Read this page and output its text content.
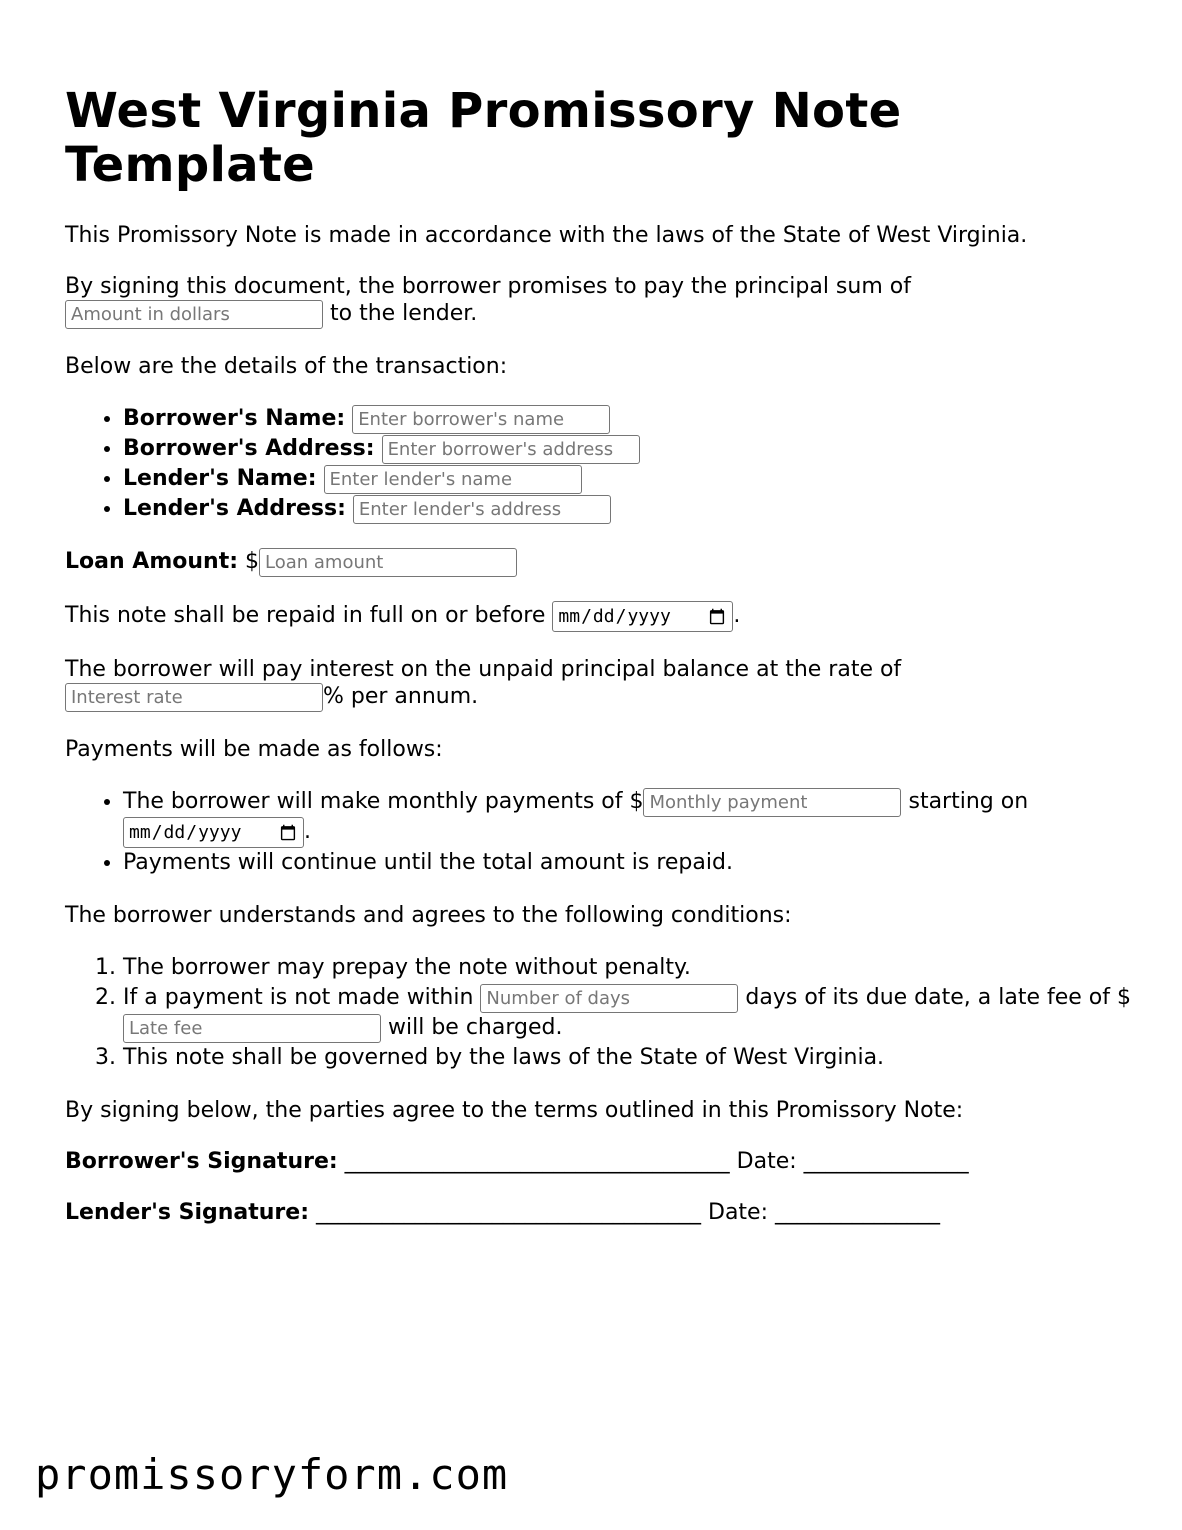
West Virginia Promissory Note Template

This Promissory Note is made in accordance with the laws of the State of West Virginia.

By signing this document, the borrower promises to pay the principal sum of
Amount in dollars to the lender.

Below are the details of the transaction:

• Borrower's Name: Enter borrower's name
• Borrower's Address: Enter borrower's address
• Lender's Name: Enter lender's name
• Lender's Address: Enter lender's address

Loan Amount: $Loan amount

This note shall be repaid in full on or before	.

The borrower will pay interest on the unpaid principal balance at the rate of
Interest rate% per annum.

Payments will be made as follows:

• The borrower will make monthly payments of $Monthly payment	starting on .
• Payments will continue until the total amount is repaid.

The borrower understands and agrees to the following conditions:

1. The borrower may prepay the note without penalty.
2. If a payment is not made within Number of days	days of its due date, a late fee of $Late fee will be charged.
3. This note shall be governed by the laws of the State of West Virginia.

By signing below, the parties agree to the terms outlined in this Promissory Note:

Borrower's Signature: ___________________________________ Date: _______________

Lender's Signature: ___________________________________ Date: _______________

promissoryform.com
